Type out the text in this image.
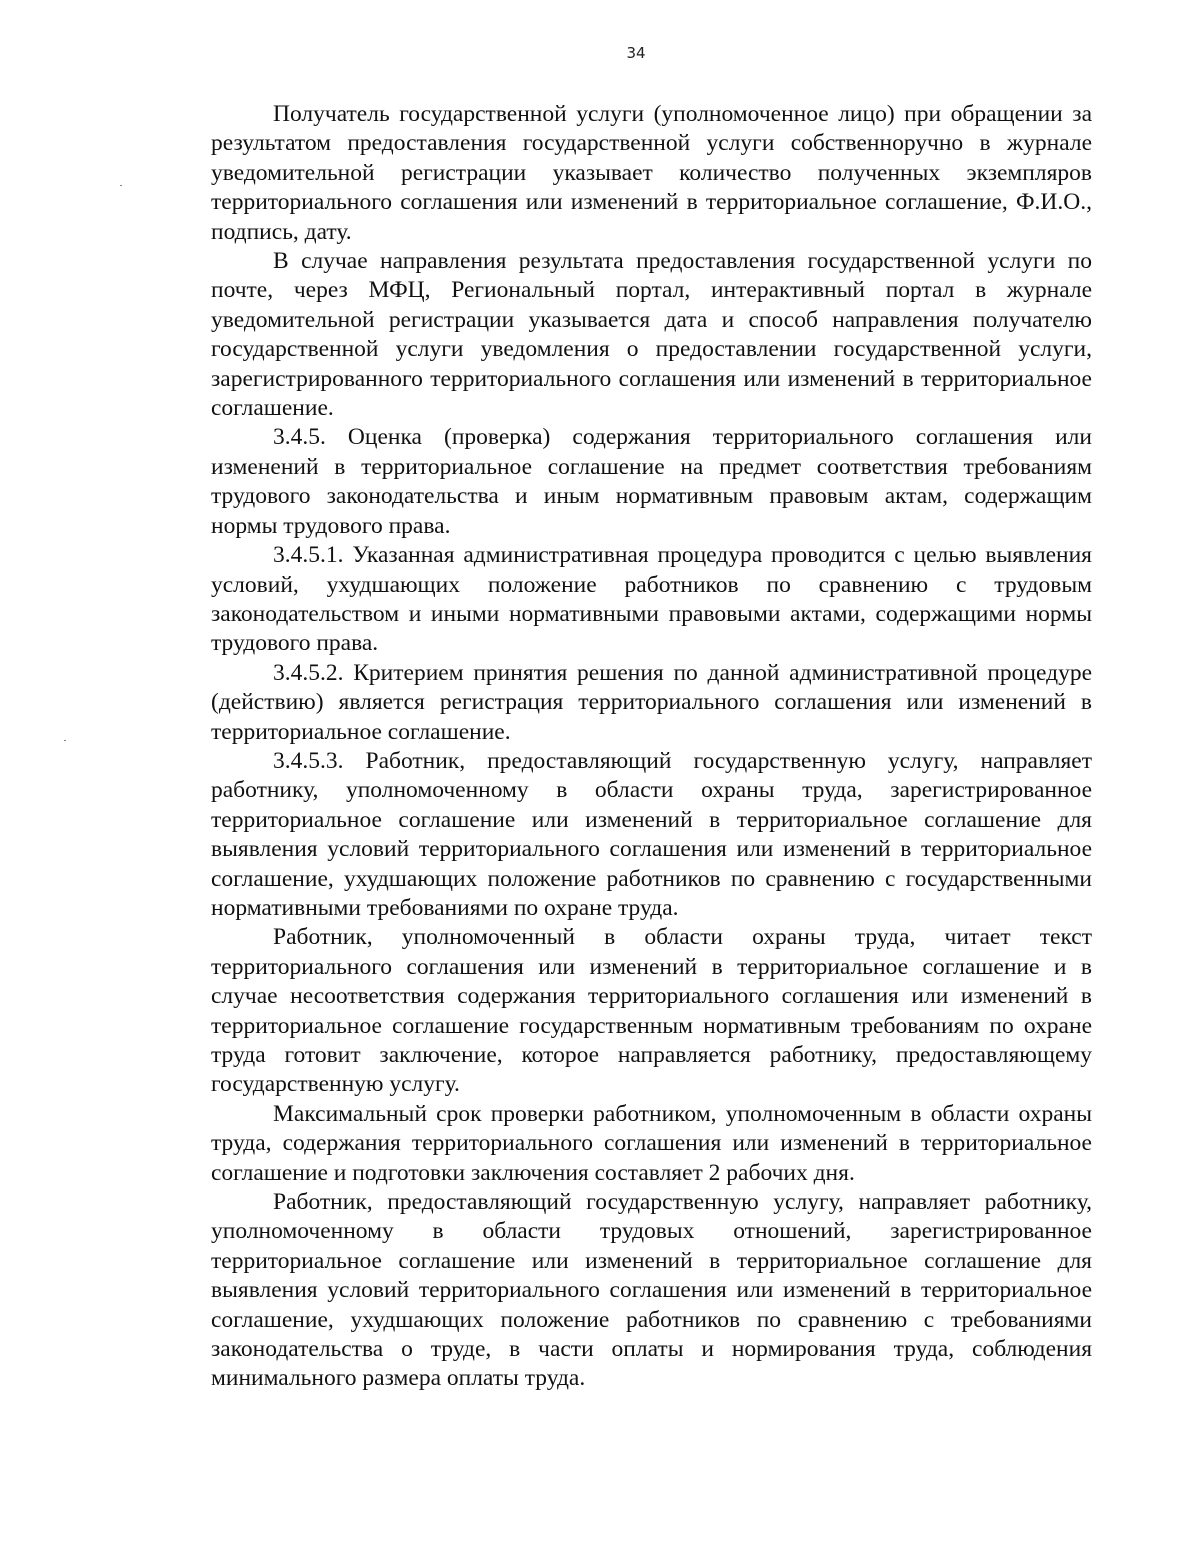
34

Получатель государственной услуги (уполномоченное лицо) при обращении за результатом предоставления государственной услуги собственноручно в журнале уведомительной регистрации указывает количество полученных экземпляров территориального соглашения или изменений в территориальное соглашение, Ф.И.О., подпись, дату.

В случае направления результата предоставления государственной услуги по почте, через МФЦ, Региональный портал, интерактивный портал в журнале уведомительной регистрации указывается дата и способ направления получателю государственной услуги уведомления о предоставлении государственной услуги, зарегистрированного территориального соглашения или изменений в территориальное соглашение.

3.4.5. Оценка (проверка) содержания территориального соглашения или изменений в территориальное соглашение на предмет соответствия требованиям трудового законодательства и иным нормативным правовым актам, содержащим нормы трудового права.

3.4.5.1. Указанная административная процедура проводится с целью выявления условий, ухудшающих положение работников по сравнению с трудовым законодательством и иными нормативными правовыми актами, содержащими нормы трудового права.

3.4.5.2. Критерием принятия решения по данной административной процедуре (действию) является регистрация территориального соглашения или изменений в территориальное соглашение.

3.4.5.3. Работник, предоставляющий государственную услугу, направляет работнику, уполномоченному в области охраны труда, зарегистрированное территориальное соглашение или изменений в территориальное соглашение для выявления условий территориального соглашения или изменений в территориальное соглашение, ухудшающих положение работников по сравнению с государственными нормативными требованиями по охране труда.

Работник, уполномоченный в области охраны труда, читает текст территориального соглашения или изменений в территориальное соглашение и в случае несоответствия содержания территориального соглашения или изменений в территориальное соглашение государственным нормативным требованиям по охране труда готовит заключение, которое направляется работнику, предоставляющему государственную услугу.

Максимальный срок проверки работником, уполномоченным в области охраны труда, содержания территориального соглашения или изменений в территориальное соглашение и подготовки заключения составляет 2 рабочих дня.

Работник, предоставляющий государственную услугу, направляет работнику, уполномоченному в области трудовых отношений, зарегистрированное территориальное соглашение или изменений в территориальное соглашение для выявления условий территориального соглашения или изменений в территориальное соглашение, ухудшающих положение работников по сравнению с требованиями законодательства о труде, в части оплаты и нормирования труда, соблюдения минимального размера оплаты труда.
